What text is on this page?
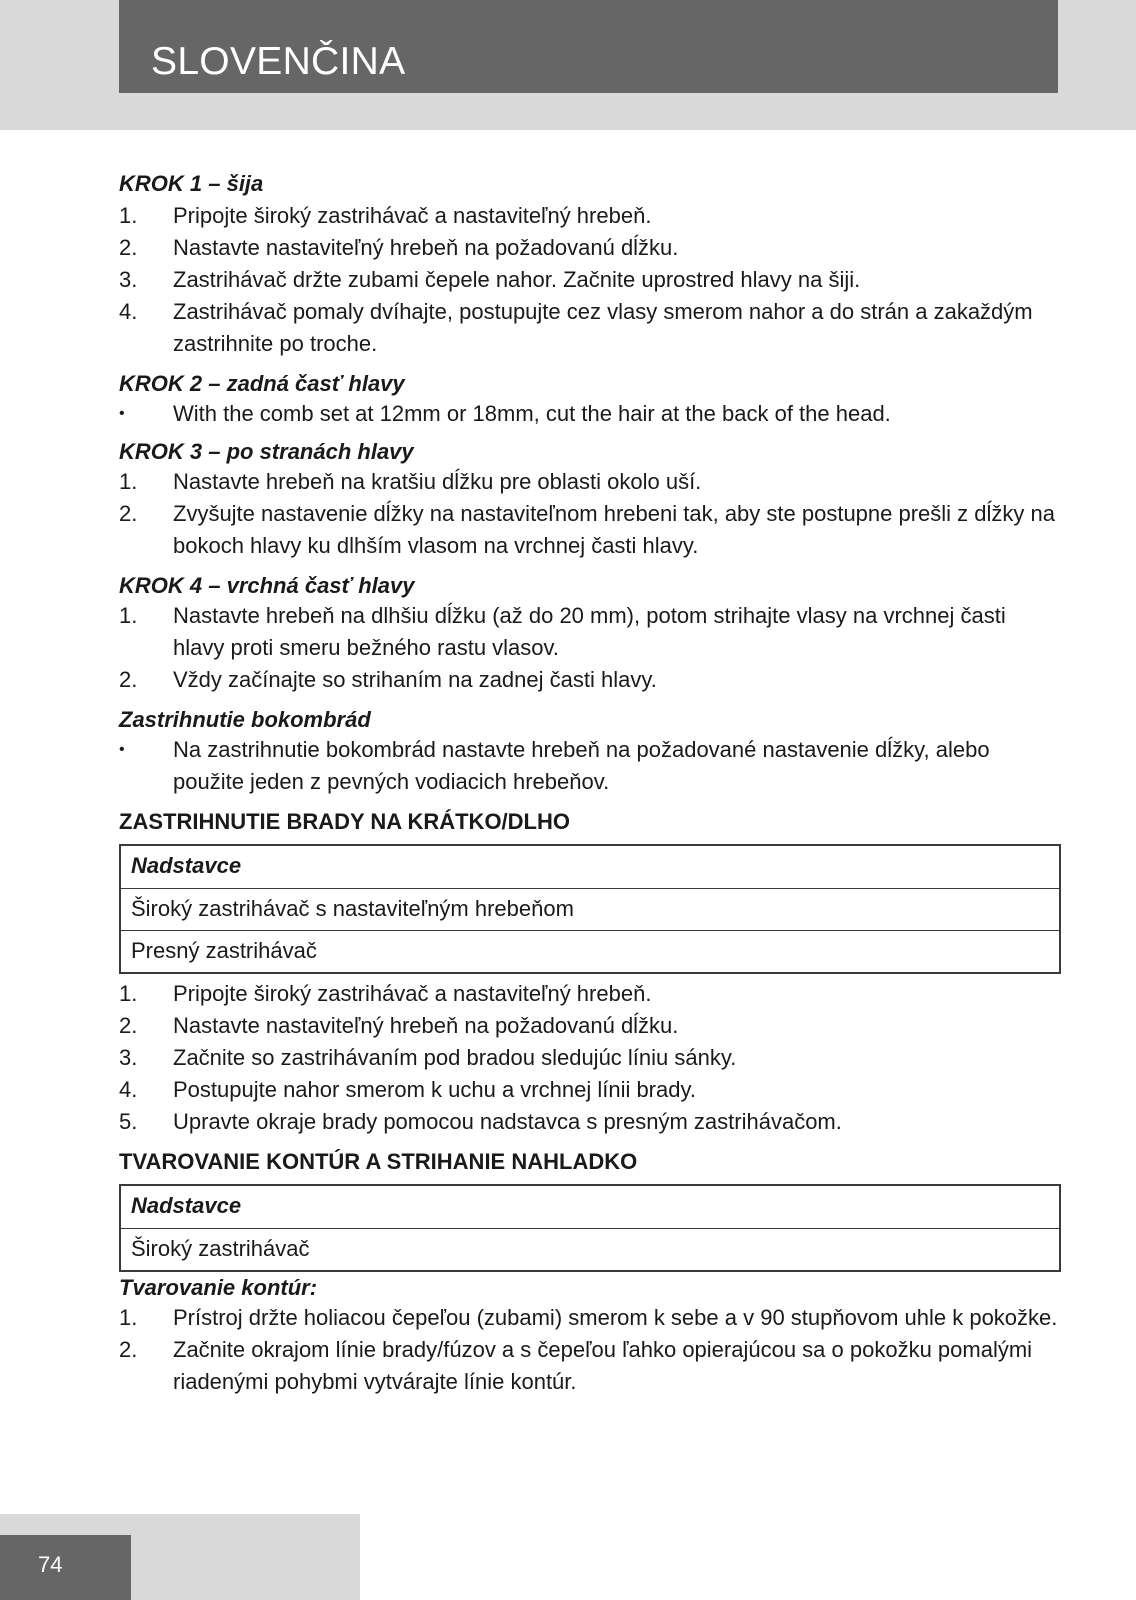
SLOVENČINA
KROK 1 – šija
1. Pripojte široký zastrihávač a nastaviteľný hrebeň.
2. Nastavte nastaviteľný hrebeň na požadovanú dĺžku.
3. Zastrihávač držte zubami čepele nahor. Začnite uprostred hlavy na šiji.
4. Zastrihávač pomaly dvíhajte, postupujte cez vlasy smerom nahor a do strán a zakaždým zastrihnite po troche.
KROK 2 – zadná časť hlavy
• With the comb set at 12mm or 18mm, cut the hair at the back of the head.
KROK 3 – po stranách hlavy
1. Nastavte hrebeň na kratšiu dĺžku pre oblasti okolo uší.
2. Zvyšujte nastavenie dĺžky na nastaviteľnom hrebeni tak, aby ste postupne prešli z dĺžky na bokoch hlavy ku dlhším vlasom na vrchnej časti hlavy.
KROK 4 – vrchná časť hlavy
1. Nastavte hrebeň na dlhšiu dĺžku (až do 20 mm), potom strihajte vlasy na vrchnej časti hlavy proti smeru bežného rastu vlasov.
2. Vždy začínajte so strihaním na zadnej časti hlavy.
Zastrihnutie bokombrád
• Na zastrihnutie bokombrád nastavte hrebeň na požadované nastavenie dĺžky, alebo použite jeden z pevných vodiacich hrebeňov.
ZASTRIHNUTIE BRADY NA KRÁTKO/DLHO
Nadstavce
Široký zastrihávač s nastaviteľným hrebeňom
Presný zastrihávač
1. Pripojte široký zastrihávač a nastaviteľný hrebeň.
2. Nastavte nastaviteľný hrebeň na požadovanú dĺžku.
3. Začnite so zastrihávaním pod bradou sledujúc líniu sánky.
4. Postupujte nahor smerom k uchu a vrchnej línii brady.
5. Upravte okraje brady pomocou nadstavca s presným zastrihávačom.
TVAROVANIE KONTÚR A STRIHANIE NAHLADKO
Nadstavce
Široký zastrihávač
Tvarovanie kontúr:
1. Prístroj držte holiacou čepeľou (zubami) smerom k sebe a v 90 stupňovom uhle k pokožke.
2. Začnite okrajom línie brady/fúzov a s čepeľou ľahko opierajúcou sa o pokožku pomalými riadenými pohybmi vytvárajte línie kontúr.
74
